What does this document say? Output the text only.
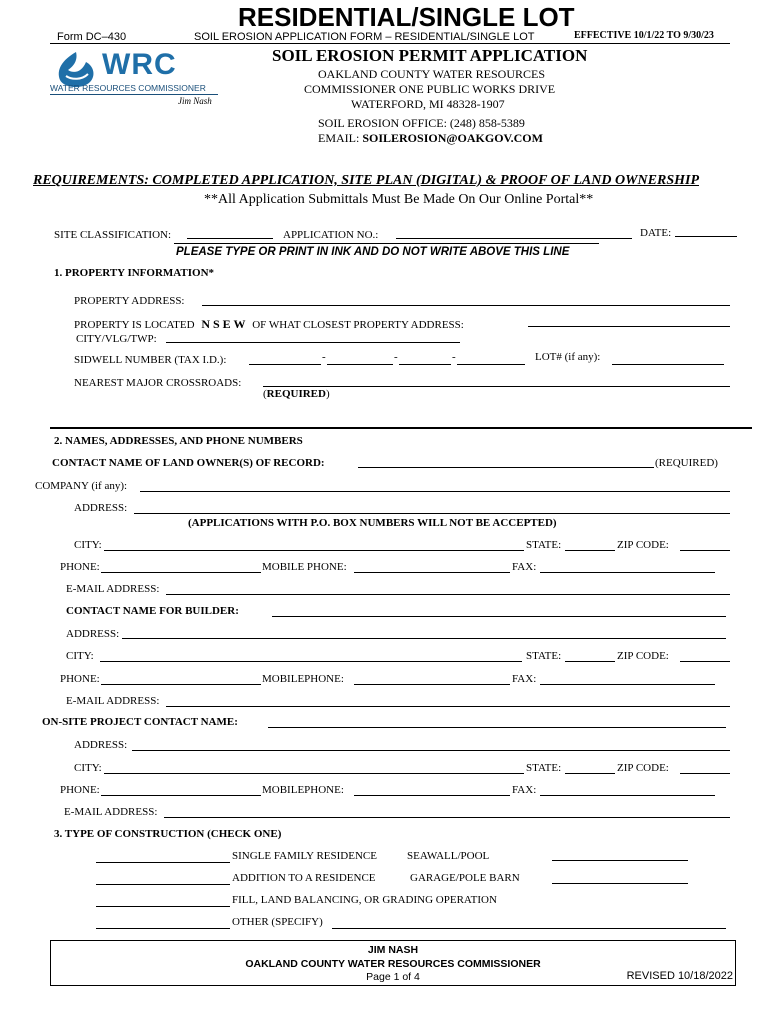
RESIDENTIAL/SINGLE LOT
Form DC–430	SOIL EROSION APPLICATION FORM – RESIDENTIAL/SINGLE LOT	EFFECTIVE 10/1/22 TO 9/30/23
WRC
WATER RESOURCES COMMISSIONER
Jim Nash
SOIL EROSION PERMIT APPLICATION
OAKLAND COUNTY WATER RESOURCES
COMMISSIONER ONE PUBLIC WORKS DRIVE
WATERFORD, MI 48328-1907
SOIL EROSION OFFICE: (248) 858-5389
EMAIL: SOILEROSION@OAKGOV.COM
REQUIREMENTS: COMPLETED APPLICATION, SITE PLAN (DIGITAL) & PROOF OF LAND OWNERSHIP
**All Application Submittals Must Be Made On Our Online Portal**
SITE CLASSIFICATION:	APPLICATION NO.:	DATE:
PLEASE TYPE OR PRINT IN INK AND DO NOT WRITE ABOVE THIS LINE
1. PROPERTY INFORMATION*
PROPERTY ADDRESS:
PROPERTY IS LOCATED N S E W OF WHAT CLOSEST PROPERTY ADDRESS:
CITY/VLG/TWP:
SIDWELL NUMBER (TAX I.D.):	-	-	-	LOT# (if any):
NEAREST MAJOR CROSSROADS:
(REQUIRED)
2. NAMES, ADDRESSES, AND PHONE NUMBERS
CONTACT NAME OF LAND OWNER(S) OF RECORD:	(REQUIRED)
COMPANY (if any):
ADDRESS:
(APPLICATIONS WITH P.O. BOX NUMBERS WILL NOT BE ACCEPTED)
CITY:	STATE:	ZIP CODE:
PHONE:	MOBILE PHONE:	FAX:
E-MAIL ADDRESS:
CONTACT NAME FOR BUILDER:
ADDRESS:
CITY:	STATE:	ZIP CODE:
PHONE:	MOBILEPHONE:	FAX:
E-MAIL ADDRESS:
ON-SITE PROJECT CONTACT NAME:
ADDRESS:
CITY:	STATE:	ZIP CODE:
PHONE:	MOBILEPHONE:	FAX:
E-MAIL ADDRESS:
3. TYPE OF CONSTRUCTION (CHECK ONE)
SINGLE FAMILY RESIDENCE	SEAWALL/POOL
ADDITION TO A RESIDENCE	GARAGE/POLE BARN
FILL, LAND BALANCING, OR GRADING OPERATION
OTHER (SPECIFY)
JIM NASH
OAKLAND COUNTY WATER RESOURCES COMMISSIONER
Page 1 of 4	REVISED 10/18/2022
